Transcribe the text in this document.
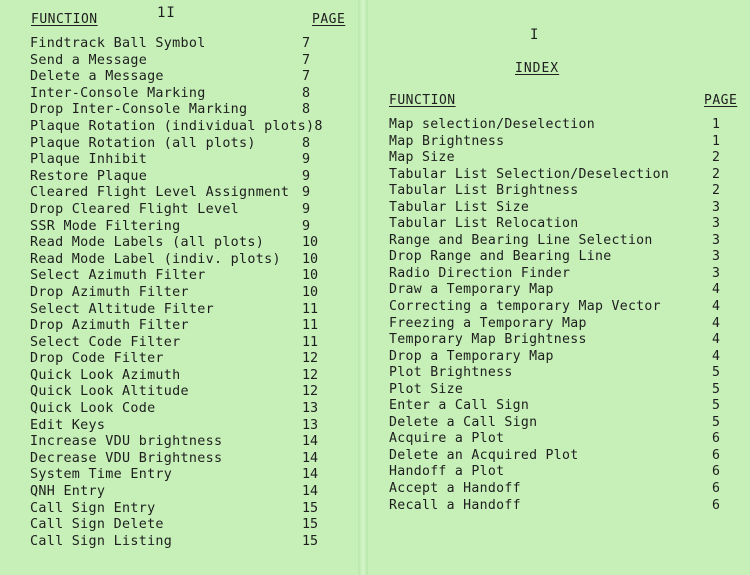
FUNCTION	1I	PAGE
Findtrack Ball Symbol	7
Send a Message	7
Delete a Message	7
Inter-Console Marking	8
Drop Inter-Console Marking	8
Plaque Rotation (individual plots) 8
Plaque Rotation (all plots)	8
Plaque Inhibit	9
Restore Plaque	9
Cleared Flight Level Assignment 9
Drop Cleared Flight Level	9
SSR Mode Filtering	9
Read Mode Labels (all plots)	10
Read Mode Label (indiv. plots) 10
Select Azimuth Filter	10
Drop Azimuth Filter	10
Select Altitude Filter	11
Drop Azimuth Filter	11
Select Code Filter	11
Drop Code Filter	12
Quick Look Azimuth	12
Quick Look Altitude	12
Quick Look Code	13
Edit Keys	13
Increase VDU brightness	14
Decrease VDU Brightness	14
System Time Entry	14
QNH Entry	14
Call Sign Entry	15
Call Sign Delete	15
Call Sign Listing	15
I
INDEX
FUNCTION	PAGE
Map selection/Deselection	1
Map Brightness	1
Map Size	2
Tabular List Selection/Deselection	2
Tabular List Brightness	2
Tabular List Size	3
Tabular List Relocation	3
Range and Bearing Line Selection	3
Drop Range and Bearing Line	3
Radio Direction Finder	3
Draw a Temporary Map	4
Correcting a temporary Map Vector	4
Freezing a Temporary Map	4
Temporary Map Brightness	4
Drop a Temporary Map	4
Plot Brightness	5
Plot Size	5
Enter a Call Sign	5
Delete a Call Sign	5
Acquire a Plot	6
Delete an Acquired Plot	6
Handoff a Plot	6
Accept a Handoff	6
Recall a Handoff	6
